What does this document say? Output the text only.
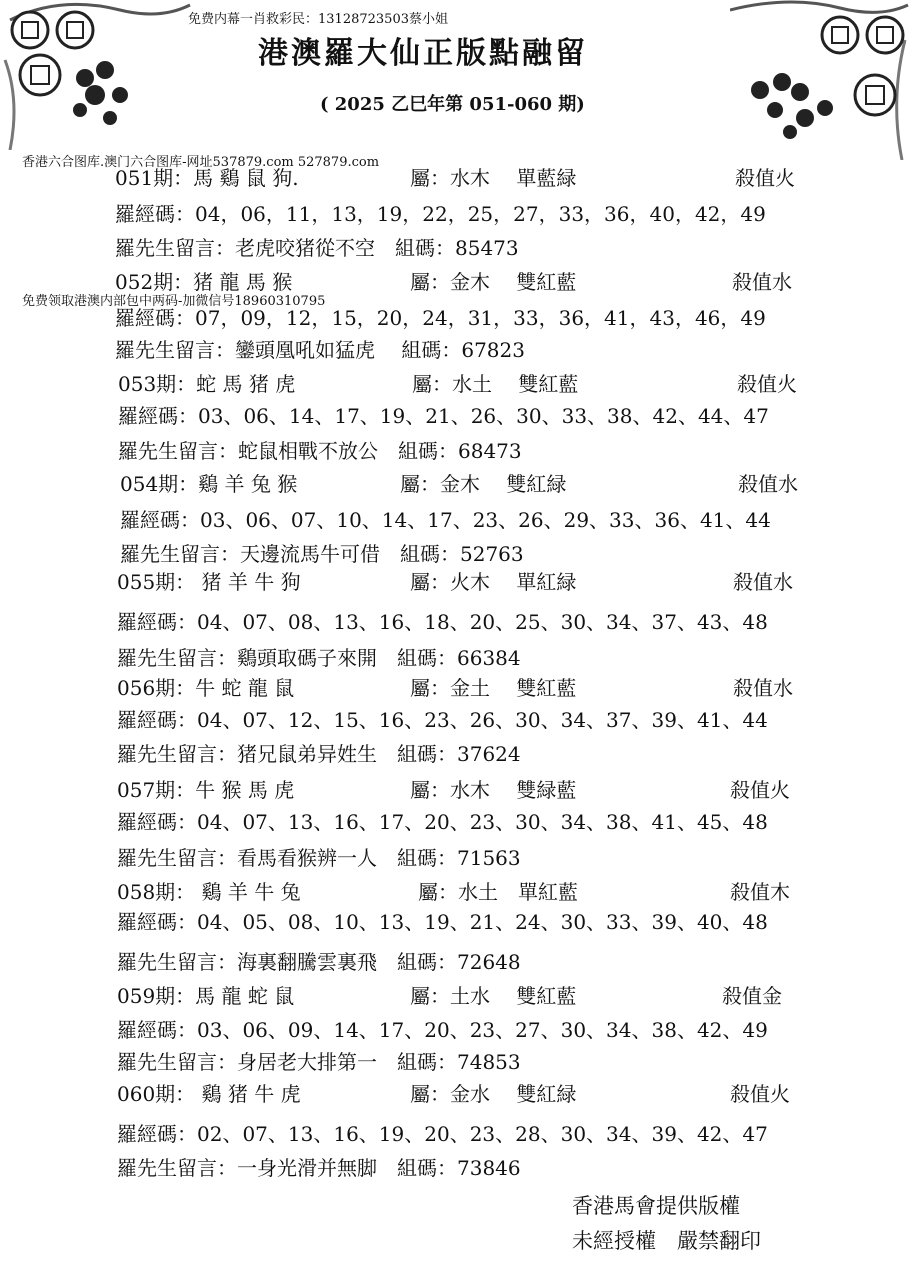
免费内幕一肖救彩民：13128723503蔡小姐
港澳羅大仙正版點融留
( 2025 乙巳年第 051-060 期)
香港六合图库.澳门六合图库-网址537879.com 527879.com
免费领取港澳内部包中两码-加微信号18960310795
051期：馬 鷄 鼠 狗.	屬：水木　 單藍緑	殺值火
羅經碼：04，06，11，13，19，22，25，27，33，36，40，42，49
羅先生留言：老虎咬猪從不空　組碼：85473
052期：猪 龍 馬 猴	屬：金木　 雙紅藍	殺值水
羅經碼：07，09，12，15，20，24，31，33，36，41，43，46，49
羅先生留言：鑾頭凰吼如猛虎　 組碼：67823
053期：蛇 馬 猪 虎	屬：水土　 雙紅藍	殺值火
羅經碼：03、06、14、17、19、21、26、30、33、38、42、44、47
羅先生留言：蛇鼠相戰不放公　組碼：68473
054期：鷄 羊 兔 猴	屬：金木　 雙紅緑	殺值水
羅經碼：03、06、07、10、14、17、23、26、29、33、36、41、44
羅先生留言：天邊流馬牛可借　組碼：52763
055期： 猪 羊 牛 狗	屬：火木　 單紅緑	殺值水
羅經碼：04、07、08、13、16、18、20、25、30、34、37、43、48
羅先生留言：鷄頭取碼子來開　組碼：66384
056期：牛 蛇 龍 鼠	屬：金土　 雙紅藍	殺值水
羅經碼：04、07、12、15、16、23、26、30、34、37、39、41、44
羅先生留言：猪兄鼠弟异姓生　組碼：37624
057期：牛 猴 馬 虎	屬：水木　 雙緑藍	殺值火
羅經碼：04、07、13、16、17、20、23、30、34、38、41、45、48
羅先生留言：看馬看猴辨一人　組碼：71563
058期： 鷄 羊 牛 兔	屬：水土　單紅藍	殺值木
羅經碼：04、05、08、10、13、19、21、24、30、33、39、40、48
羅先生留言：海裏翻騰雲裏飛　組碼：72648
059期：馬 龍 蛇 鼠	屬：土水　 雙紅藍	殺值金
羅經碼：03、06、09、14、17、20、23、27、30、34、38、42、49
羅先生留言：身居老大排第一　組碼：74853
060期： 鷄 猪 牛 虎	屬：金水　 雙紅緑	殺值火
羅經碼：02、07、13、16、19、20、23、28、30、34、39、42、47
羅先生留言：一身光滑并無脚　組碼：73846
香港馬會提供版權
未經授權　嚴禁翻印
